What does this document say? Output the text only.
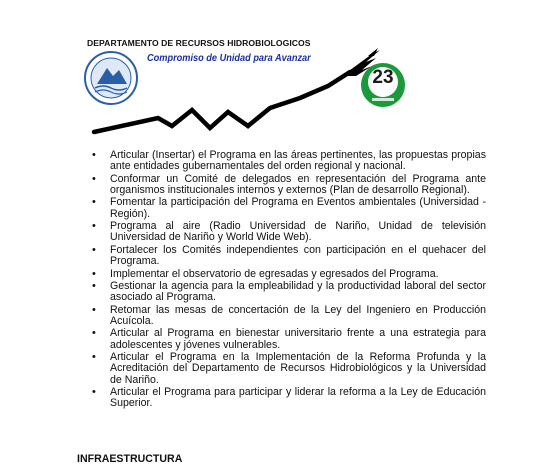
23
DEPARTAMENTO DE RECURSOS HIDROBIOLOGICOS
Compromiso de Unidad para Avanzar
• Articular (Insertar) el Programa en las áreas pertinentes, las propuestas propias ante entidades gubernamentales del orden regional y nacional.
• Conformar un Comité de delegados en representación del Programa ante organismos institucionales internos y externos (Plan de desarrollo Regional).
• Fomentar la participación del Programa en Eventos ambientales (Universidad - Región).
• Programa al aire (Radio Universidad de Nariño, Unidad de televisión Universidad de Nariño y World Wide Web).
• Fortalecer los Comités independientes con participación en el quehacer del Programa.
• Implementar el observatorio de egresadas y egresados del Programa.
• Gestionar la agencia para la empleabilidad y la productividad laboral del sector asociado al Programa.
• Retomar las mesas de concertación de la Ley del Ingeniero en Producción Acuícola.
• Articular al Programa en bienestar universitario frente a una estrategia para adolescentes y jóvenes vulnerables.
• Articular el Programa en la Implementación de la Reforma Profunda y la Acreditación del Departamento de Recursos Hidrobiológicos y la Universidad de Nariño.
• Articular el Programa para participar y liderar la reforma a la Ley de Educación Superior.
INFRAESTRUCTURA
